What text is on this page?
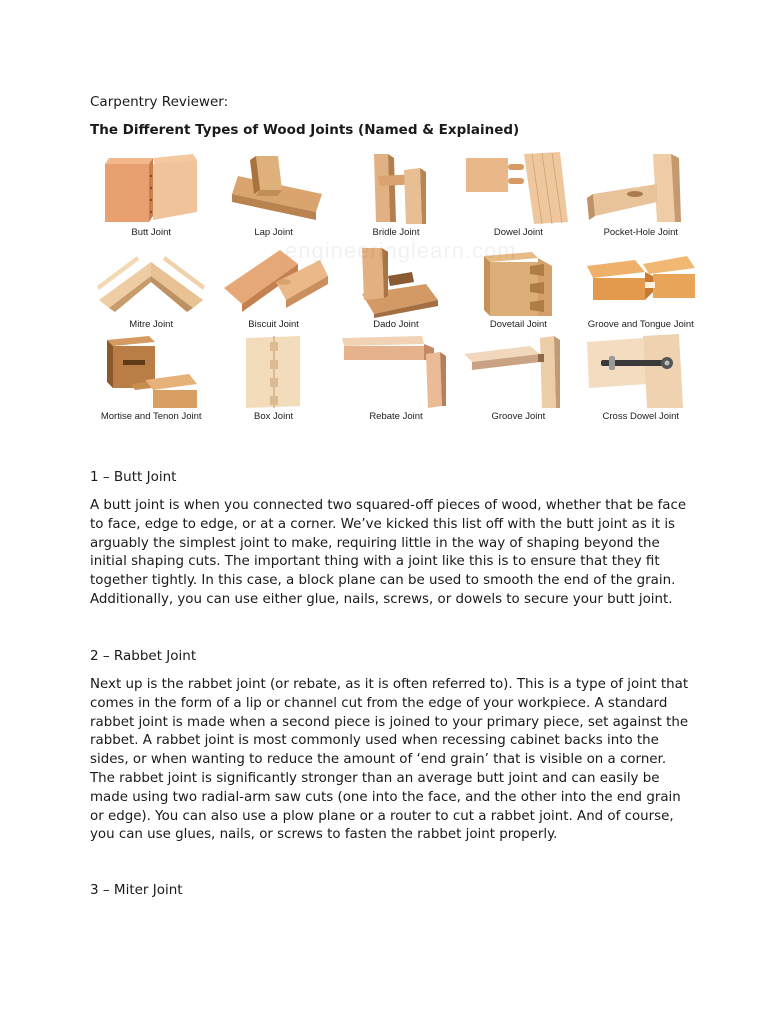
Carpentry Reviewer:
The Different Types of Wood Joints (Named & Explained)
Butt Joint	Lap Joint	Bridle Joint	Dowel Joint	Pocket-Hole Joint
Mitre Joint	Biscuit Joint	Dado Joint	Dovetail Joint	Groove and Tongue Joint
Mortise and Tenon Joint	Box Joint	Rebate Joint	Groove Joint	Cross Dowel Joint
engineeringlearn.com
1 – Butt Joint

A butt joint is when you connected two squared-off pieces of wood, whether that be face to face, edge to edge, or at a corner. We’ve kicked this list off with the butt joint as it is arguably the simplest joint to make, requiring little in the way of shaping beyond the initial shaping cuts. The important thing with a joint like this is to ensure that they fit together tightly. In this case, a block plane can be used to smooth the end of the grain. Additionally, you can use either glue, nails, screws, or dowels to secure your butt joint.

2 – Rabbet Joint

Next up is the rabbet joint (or rebate, as it is often referred to). This is a type of joint that comes in the form of a lip or channel cut from the edge of your workpiece. A standard rabbet joint is made when a second piece is joined to your primary piece, set against the rabbet. A rabbet joint is most commonly used when recessing cabinet backs into the sides, or when wanting to reduce the amount of ‘end grain’ that is visible on a corner. The rabbet joint is significantly stronger than an average butt joint and can easily be made using two radial-arm saw cuts (one into the face, and the other into the end grain or edge). You can also use a plow plane or a router to cut a rabbet joint. And of course, you can use glues, nails, or screws to fasten the rabbet joint properly.

3 – Miter Joint
